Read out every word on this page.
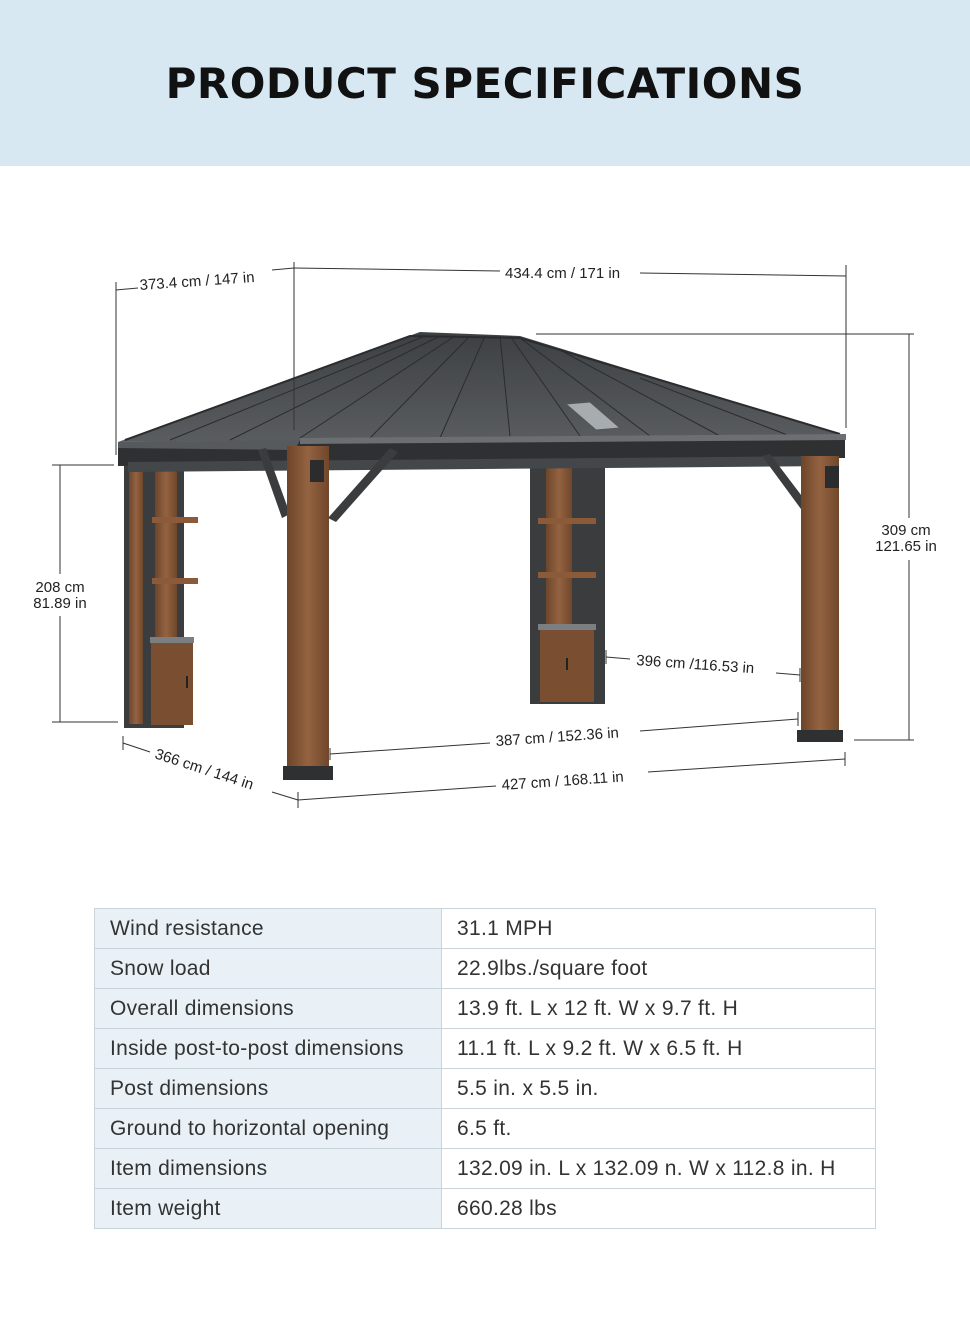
PRODUCT SPECIFICATIONS
373.4 cm / 147 in	434.4 cm / 171 in
309 cm
121.65 in
208 cm
81.89 in
396 cm /116.53 in
387 cm / 152.36 in
366 cm / 144 in	427 cm / 168.11 in
Wind resistance	31.1 MPH
Snow load	22.9lbs./square foot
Overall dimensions	13.9 ft. L x 12 ft. W x 9.7 ft. H
Inside post-to-post dimensions	11.1 ft. L x 9.2 ft. W x 6.5 ft. H
Post dimensions	5.5 in. x 5.5 in.
Ground to horizontal opening	6.5 ft.
Item dimensions	132.09 in. L x 132.09 n. W x 112.8 in. H
Item weight	660.28 lbs
